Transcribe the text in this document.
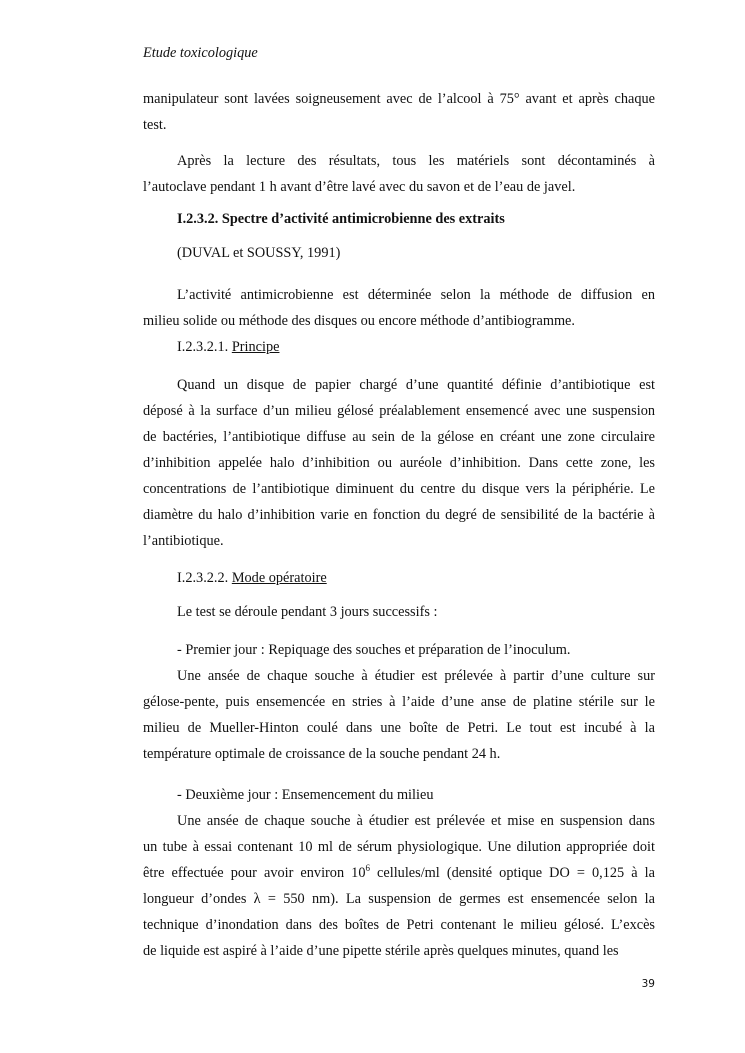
Etude toxicologique
manipulateur sont lavées soigneusement avec de l’alcool à 75° avant et après chaque
test.
Après la lecture des résultats, tous les matériels sont décontaminés à
l’autoclave pendant 1 h avant d’être lavé avec du savon et de l’eau de javel.
I.2.3.2. Spectre d’activité antimicrobienne des extraits
(DUVAL et SOUSSY, 1991)
L’activité antimicrobienne est déterminée selon la méthode de diffusion en
milieu solide ou méthode des disques ou encore méthode d’antibiogramme.
I.2.3.2.1. Principe
Quand un disque de papier chargé d’une quantité définie d’antibiotique est
déposé à la surface d’un milieu gélosé préalablement ensemencé avec une suspension
de bactéries, l’antibiotique diffuse au sein de la gélose en créant une zone circulaire
d’inhibition appelée halo d’inhibition ou auréole d’inhibition. Dans cette zone, les
concentrations de l’antibiotique diminuent du centre du disque vers la périphérie. Le
diamètre du halo d’inhibition varie en fonction du degré de sensibilité de la bactérie à
l’antibiotique.
I.2.3.2.2. Mode opératoire
Le test se déroule pendant 3 jours successifs :
- Premier jour : Repiquage des souches et préparation de l’inoculum.
Une ansée de chaque souche à étudier est prélevée à partir d’une culture sur
gélose-pente, puis ensemencée en stries à l’aide d’une anse de platine stérile sur le
milieu de Mueller-Hinton coulé dans une boîte de Petri. Le tout est incubé à la
température optimale de croissance de la souche pendant 24 h.
- Deuxième jour : Ensemencement du milieu
Une ansée de chaque souche à étudier est prélevée et mise en suspension dans
un tube à essai contenant 10 ml de sérum physiologique. Une dilution appropriée doit
être effectuée pour avoir environ $10^6$ cellules/ml (densité optique DO = 0,125 à la
longueur d’ondes λ = 550 nm). La suspension de germes est ensemencée selon la
technique d’inondation dans des boîtes de Petri contenant le milieu gélosé. L’excès
de liquide est aspiré à l’aide d’une pipette stérile après quelques minutes, quand les
39
